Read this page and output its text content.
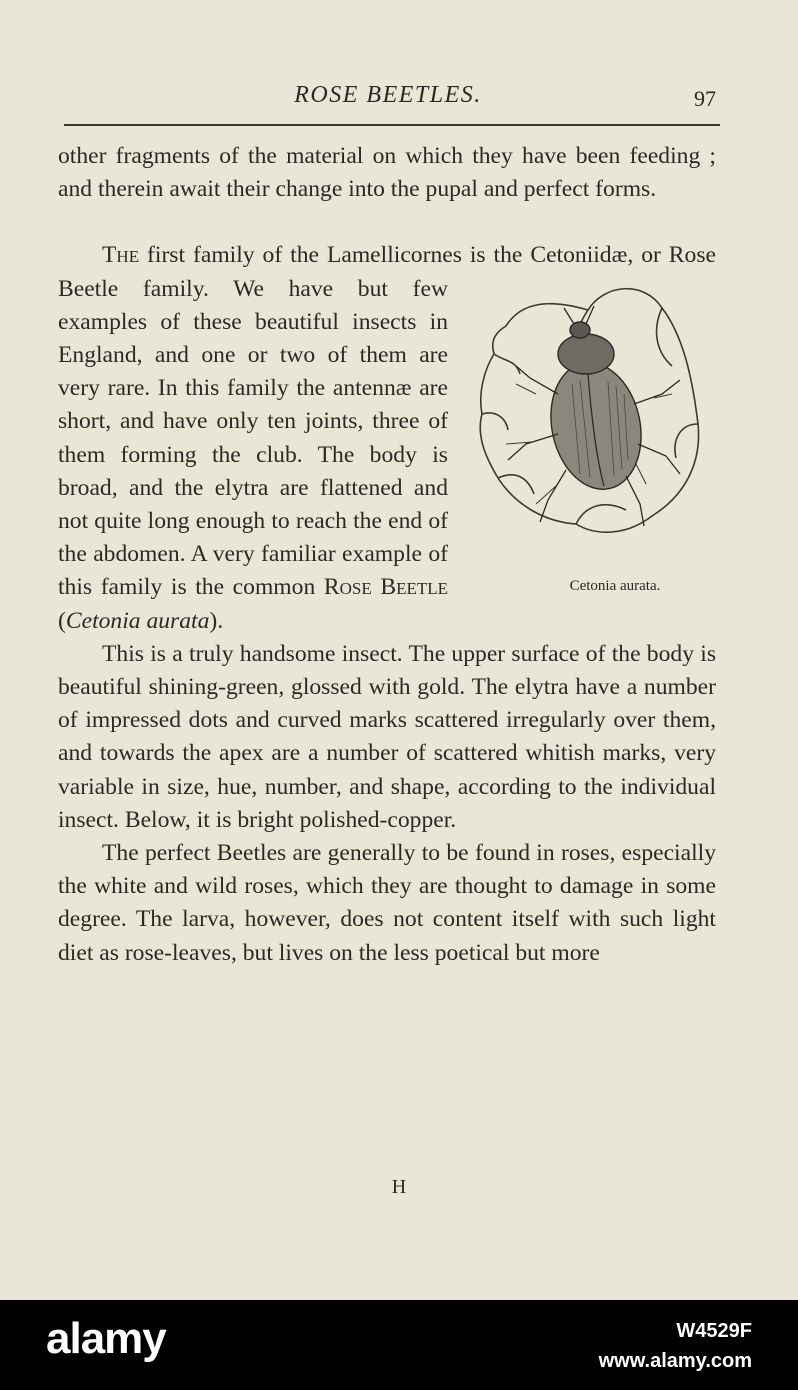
ROSE BEETLES.	97

other fragments of the material on which they have been feeding ; and therein await their change into the pupal and perfect forms.

The first family of the Lamellicornes is the Cetoniidæ, or Rose Beetle family. We have but few
Cetonia aurata.
examples of these beautiful insects in England, and one or two of them are very rare. In this family the antennæ are short, and have only ten joints, three of them forming the club. The body is broad, and the elytra are flattened and not quite long enough to reach the end of the abdomen. A very familiar example of this family is the common Rose Beetle (Cetonia aurata).

This is a truly handsome insect. The upper surface of the body is beautiful shining-green, glossed with gold. The elytra have a number of impressed dots and curved marks scattered irregularly over them, and towards the apex are a number of scattered whitish marks, very variable in size, hue, number, and shape, according to the individual insect. Below, it is bright polished-copper.

The perfect Beetles are generally to be found in roses, especially the white and wild roses, which they are thought to damage in some degree. The larva, however, does not content itself with such light diet as rose-leaves, but lives on the less poetical but more

H
alamy	W4529F
www.alamy.com
